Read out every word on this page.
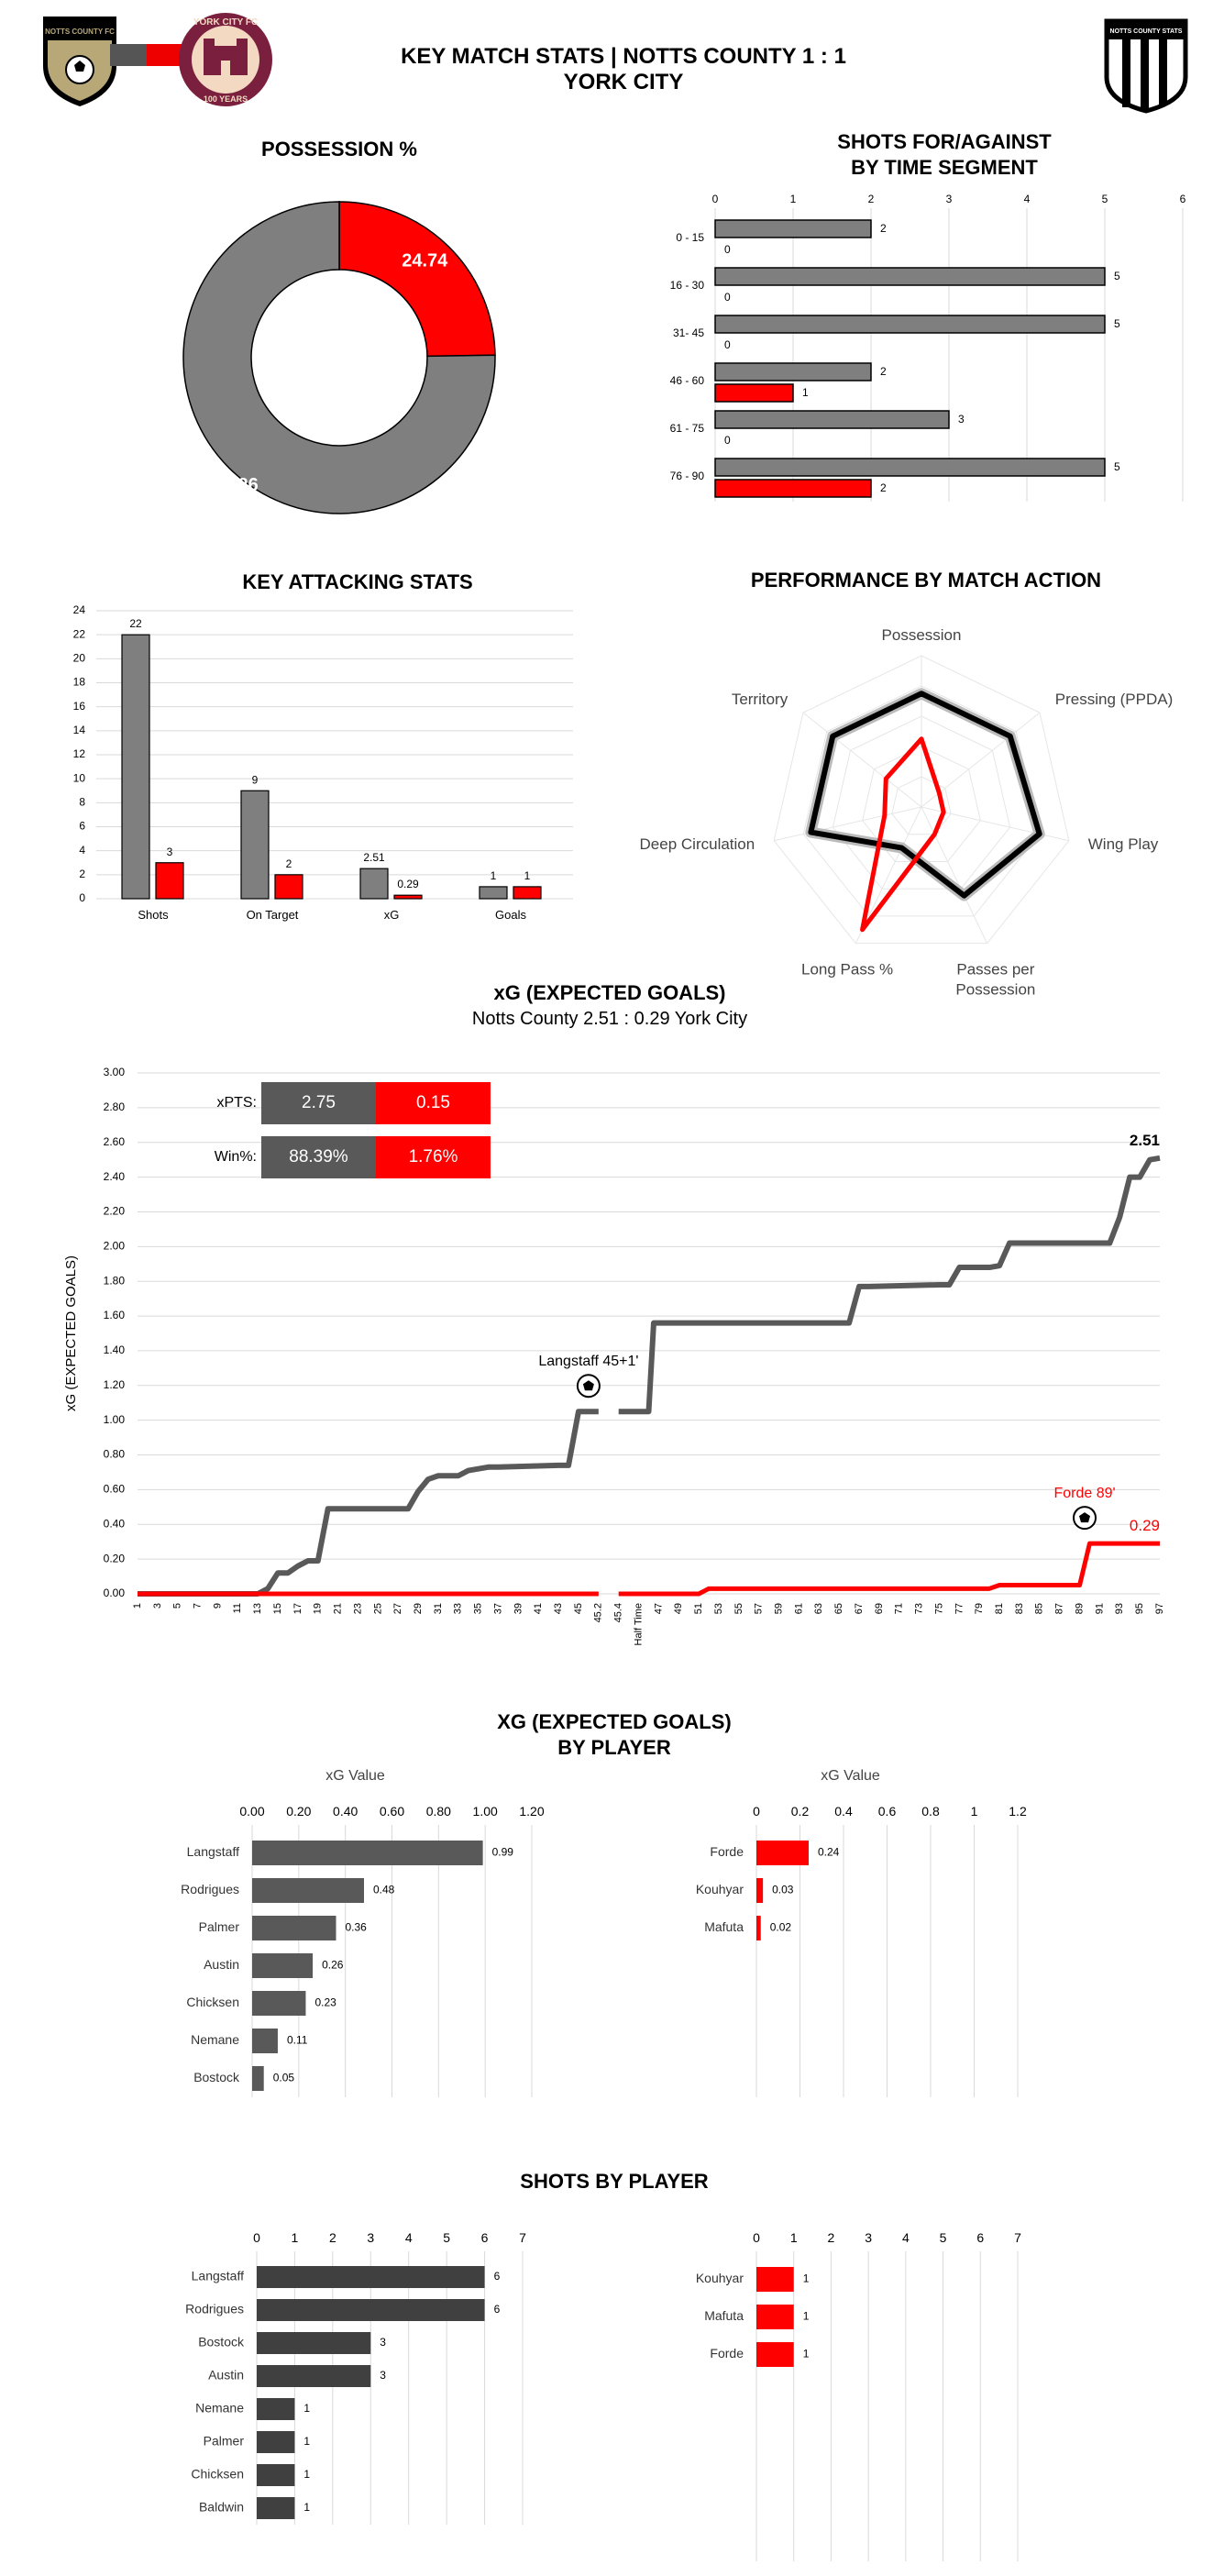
NOTTS COUNTY FC
YORK CITY FC
100 YEARS
KEY MATCH STATS | NOTTS COUNTY 1 : 1 YORK CITY
NOTTS COUNTY STATS
POSSESSION %
24.74
75.26
SHOTS FOR/AGAINST
BY TIME SEGMENT
0	1	2	3	4	5	6
0 - 15
2
0
16 - 30
5
0
31- 45
5
0
46 - 60
2
1
61 - 75
3
0
76 - 90
5
2
KEY ATTACKING STATS
0
2
4
6
8
10
12
14
16
18
20
22
24
22
3
Shots
9
2
On Target
2.51
0.29
xG
1	1
Goals
PERFORMANCE BY MATCH ACTION
Possession
Pressing (PPDA)
Wing Play
Passes per
Possession
Long Pass %
Deep Circulation
Territory
xG (EXPECTED GOALS)
Notts County 2.51 : 0.29 York City
0.00
0.20
0.40
0.60
0.80
1.00
1.20
1.40
1.60
1.80
2.00
2.20
2.40
2.60
2.80
3.00
1 3 5 7 9 11 13 15 17 19 21 23 25 27 29 31 33 35 37 39 41 43 45 45.2 45.4 Half Time 47 49 51 53 55 57 59 61 63 65 67 69 71 73 75 77 79 81 83 85 87 89 91 93 95 97
xG (EXPECTED GOALS)
2.51
0.29
Langstaff 45+1'
Forde 89'
xPTS:	2.75	0.15
Win%:	88.39%	1.76%
XG (EXPECTED GOALS)
BY PLAYER
xG Value
0.00 0.20 0.40 0.60 0.80 1.00 1.20
Langstaff	0.99
Rodrigues	0.48
Palmer	0.36
Austin	0.26
Chicksen	0.23
Nemane	0.11
Bostock	0.05
xG Value
0 0.2 0.4 0.6 0.8 1 1.2
Forde	0.24
Kouhyar	0.03
Mafuta 0.02
SHOTS BY PLAYER
0 1 2 3 4 5 6 7
Langstaff	6
Rodrigues	6
Bostock	3
Austin	3
Nemane	1
Palmer	1
Chicksen	1
Baldwin	1
0 1 2 3 4 5 6 7
Kouhyar	1
Mafuta	1
Forde	1
